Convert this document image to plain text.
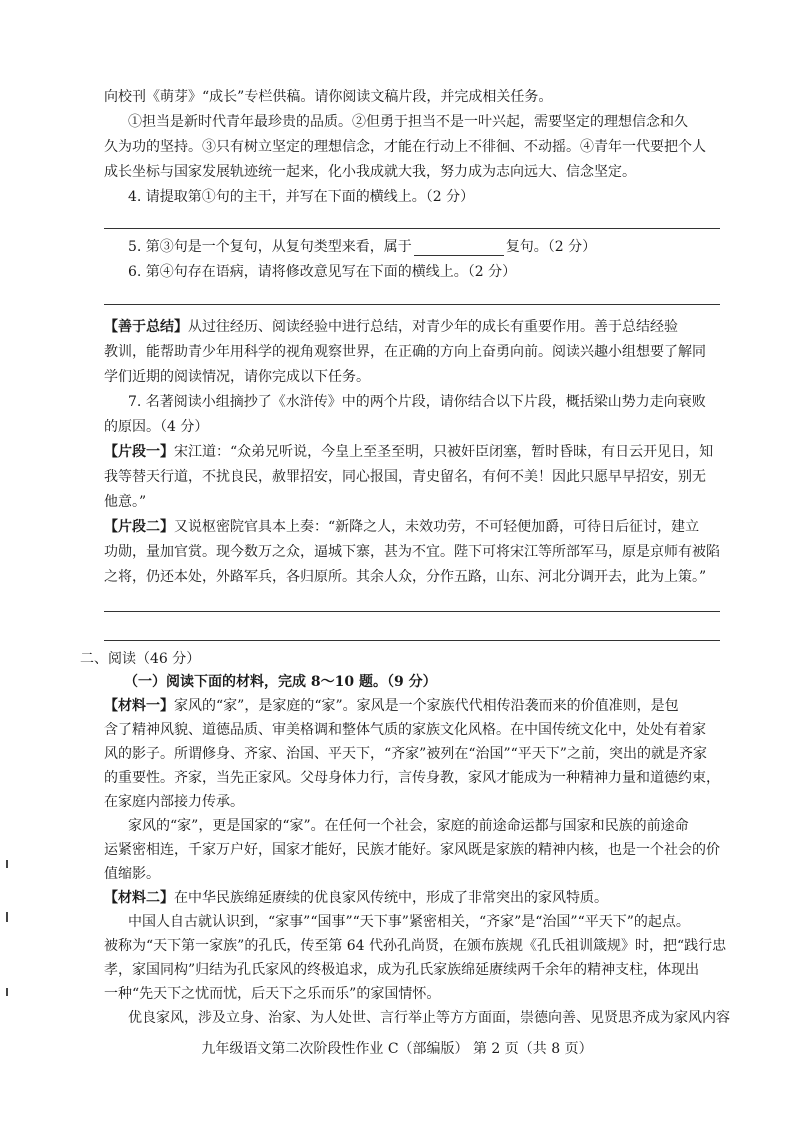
向校刊《萌芽》“成长”专栏供稿。请你阅读文稿片段，并完成相关任务。
①担当是新时代青年最珍贵的品质。②但勇于担当不是一叶兴起，需要坚定的理想信念和久
久为功的坚持。③只有树立坚定的理想信念，才能在行动上不徘徊、不动摇。④青年一代要把个人
成长坐标与国家发展轨迹统一起来，化小我成就大我，努力成为志向远大、信念坚定。
4. 请提取第①句的主干，并写在下面的横线上。（2 分）
5. 第③句是一个复句，从复句类型来看，属于	复句。（2 分）
6. 第④句存在语病，请将修改意见写在下面的横线上。（2 分）
【善于总结】从过往经历、阅读经验中进行总结，对青少年的成长有重要作用。善于总结经验
教训，能帮助青少年用科学的视角观察世界，在正确的方向上奋勇向前。阅读兴趣小组想要了解同
学们近期的阅读情况，请你完成以下任务。
7. 名著阅读小组摘抄了《水浒传》中的两个片段，请你结合以下片段，概括梁山势力走向衰败
的原因。（4 分）
【片段一】宋江道：“众弟兄听说，今皇上至圣至明，只被奸臣闭塞，暂时昏昧，有日云开见日，知
我等替天行道，不扰良民，赦罪招安，同心报国，青史留名，有何不美！因此只愿早早招安，别无
他意。”
【片段二】又说枢密院官具本上奏：“新降之人，未效功劳，不可轻便加爵，可待日后征讨，建立
功勋，量加官赏。现今数万之众，逼城下寨，甚为不宜。陛下可将宋江等所部军马，原是京师有被陷
之将，仍还本处，外路军兵，各归原所。其余人众，分作五路，山东、河北分调开去，此为上策。”
二、阅读（46 分）
（一）阅读下面的材料，完成 8～10 题。（9 分）
【材料一】家风的“家”，是家庭的“家”。家风是一个家族代代相传沿袭而来的价值准则，是包
含了精神风貌、道德品质、审美格调和整体气质的家族文化风格。在中国传统文化中，处处有着家
风的影子。所谓修身、齐家、治国、平天下，“齐家”被列在“治国”“平天下”之前，突出的就是齐家
的重要性。齐家，当先正家风。父母身体力行，言传身教，家风才能成为一种精神力量和道德约束，
在家庭内部接力传承。
家风的“家”，更是国家的“家”。在任何一个社会，家庭的前途命运都与国家和民族的前途命
运紧密相连，千家万户好，国家才能好，民族才能好。家风既是家族的精神内核，也是一个社会的价
值缩影。
【材料二】在中华民族绵延赓续的优良家风传统中，形成了非常突出的家风特质。
中国人自古就认识到，“家事”“国事”“天下事”紧密相关，“齐家”是“治国”“平天下”的起点。
被称为“天下第一家族”的孔氏，传至第 64 代孙孔尚贤，在颁布族规《孔氏祖训箴规》时，把“践行忠
孝，家国同构”归结为孔氏家风的终极追求，成为孔氏家族绵延赓续两千余年的精神支柱，体现出
一种“先天下之忧而忧，后天下之乐而乐”的家国情怀。
优良家风，涉及立身、治家、为人处世、言行举止等方方面面，崇德向善、见贤思齐成为家风内容
九年级语文第二次阶段性作业 C（部编版） 第 2 页（共 8 页）
